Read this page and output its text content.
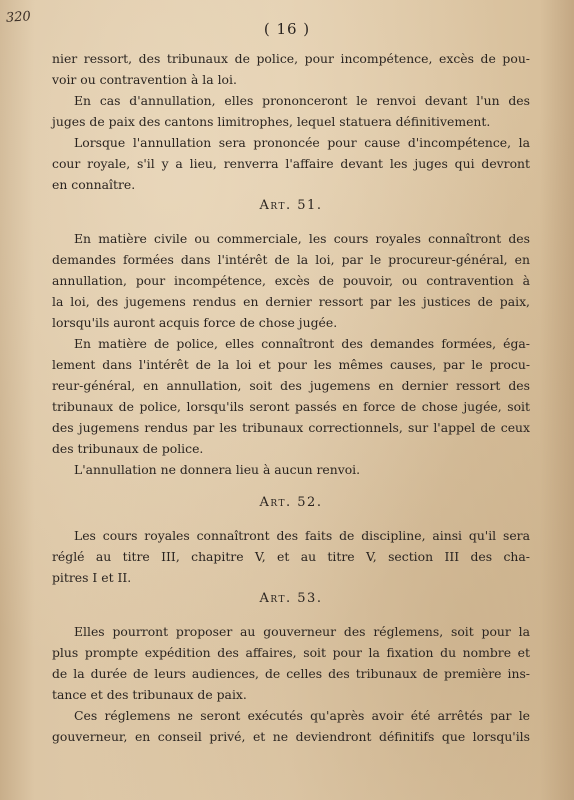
320
( 16 )
nier ressort, des tribunaux de police, pour incompétence, excès de pou-
voir ou contravention à la loi.
En cas d'annullation, elles prononceront le renvoi devant l'un des
juges de paix des cantons limitrophes, lequel statuera définitivement.
Lorsque l'annullation sera prononcée pour cause d'incompétence, la
cour royale, s'il y a lieu, renverra l'affaire devant les juges qui devront
en connaître.
Art. 51.
En matière civile ou commerciale, les cours royales connaîtront des
demandes formées dans l'intérêt de la loi, par le procureur-général, en
annullation, pour incompétence, excès de pouvoir, ou contravention à
la loi, des jugemens rendus en dernier ressort par les justices de paix,
lorsqu'ils auront acquis force de chose jugée.
En matière de police, elles connaîtront des demandes formées, éga-
lement dans l'intérêt de la loi et pour les mêmes causes, par le procu-
reur-général, en annullation, soit des jugemens en dernier ressort des
tribunaux de police, lorsqu'ils seront passés en force de chose jugée, soit
des jugemens rendus par les tribunaux correctionnels, sur l'appel de ceux
des tribunaux de police.
L'annullation ne donnera lieu à aucun renvoi.
Art. 52.
Les cours royales connaîtront des faits de discipline, ainsi qu'il sera
réglé au titre III, chapitre V, et au titre V, section III des cha-
pitres I et II.
Art. 53.
Elles pourront proposer au gouverneur des réglemens, soit pour la
plus prompte expédition des affaires, soit pour la fixation du nombre et
de la durée de leurs audiences, de celles des tribunaux de première ins-
tance et des tribunaux de paix.
Ces réglemens ne seront exécutés qu'après avoir été arrêtés par le
gouverneur, en conseil privé, et ne deviendront définitifs que lorsqu'ils
